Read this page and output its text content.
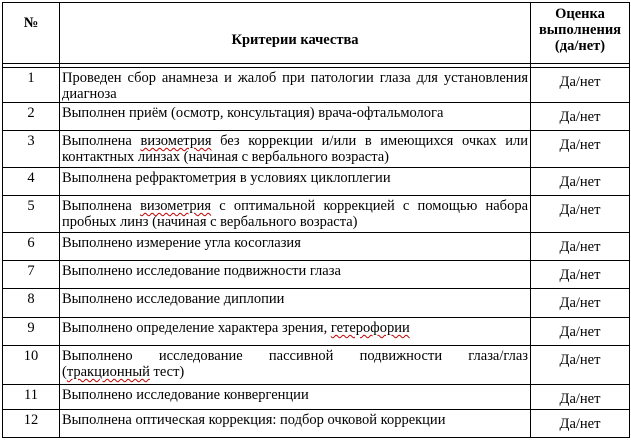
№	Критерии качества	Оценка выполнения (да/нет)

1	Проведен сбор анамнеза и жалоб при патологии глаза для установления диагноза	Да/нет
2	Выполнен приём (осмотр, консультация) врача-офтальмолога	Да/нет
3	Выполнена визометрия без коррекции и/или в имеющихся очках или контактных линзах (начиная с вербального возраста)	Да/нет
4	Выполнена рефрактометрия в условиях циклоплегии	Да/нет
5	Выполнена визометрия с оптимальной коррекцией с помощью набора пробных линз (начиная с вербального возраста)	Да/нет
6	Выполнено измерение угла косоглазия	Да/нет
7	Выполнено исследование подвижности глаза	Да/нет
8	Выполнено исследование диплопии	Да/нет
9	Выполнено определение характера зрения, гетерофории	Да/нет
10	Выполнено исследование пассивной подвижности глаза/глаз (тракционный тест)	Да/нет
11	Выполнено исследование конвергенции	Да/нет
12	Выполнена оптическая коррекция: подбор очковой коррекции	Да/нет
